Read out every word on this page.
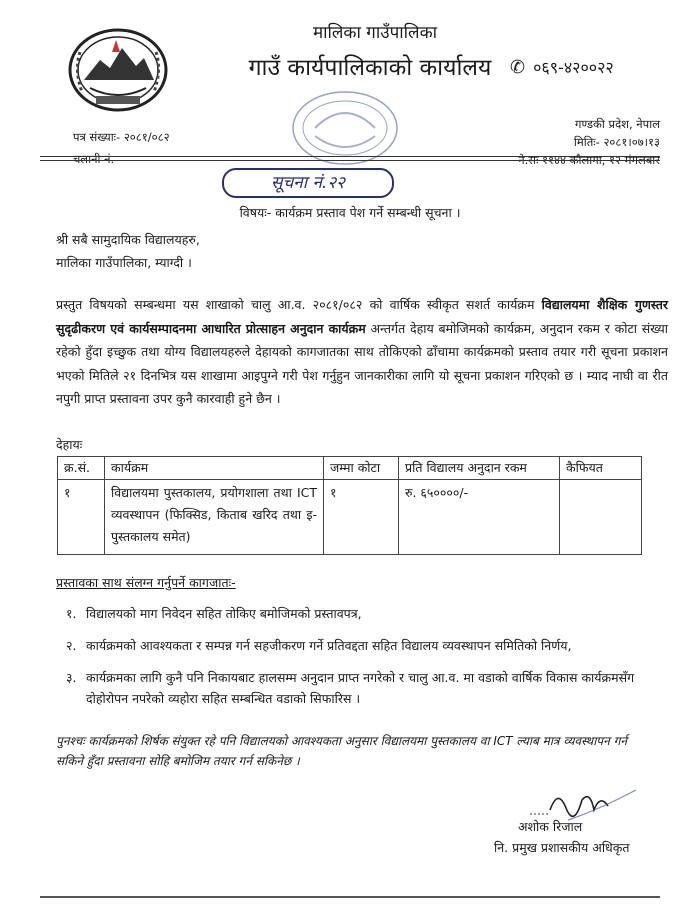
मालिका गाउँपालिका
गाउँ कार्यपालिकाको कार्यालय	✆ ०६९-४२००२२
पत्र संख्याः- २०८१/०८२
चलानी नं.
गण्डकी प्रदेश, नेपाल
मितिः- २०८१।०७।१३
ने.सः ११४४ कौलागा, १२ मंगलबार
सूचना नं.२२
विषयः- कार्यक्रम प्रस्ताव पेश गर्ने सम्बन्धी सूचना ।
श्री सबै सामुदायिक विद्यालयहरु,
मालिका गाउँपालिका, म्याग्दी ।
प्रस्तुत विषयको सम्बन्धमा यस शाखाको चालु आ.व. २०८१/०८२ को वार्षिक स्वीकृत सशर्त कार्यक्रम विद्यालयमा शैक्षिक गुणस्तर सुदृढीकरण एवं कार्यसम्पादनमा आधारित प्रोत्साहन अनुदान कार्यक्रम अन्तर्गत देहाय बमोजिमको कार्यक्रम, अनुदान रकम र कोटा संख्या रहेको हुँदा इच्छुक तथा योग्य विद्यालयहरुले देहायको कागजातका साथ तोकिएको ढाँचामा कार्यक्रमको प्रस्ताव तयार गरी सूचना प्रकाशन भएको मितिले २१ दिनभित्र यस शाखामा आइपुग्ने गरी पेश गर्नुहुन जानकारीका लागि यो सूचना प्रकाशन गरिएको छ । म्याद नाघी वा रीत नपुगी प्राप्त प्रस्तावना उपर कुनै कारवाही हुने छैन ।
देहायः
क्र.सं.	कार्यक्रम	जम्मा कोटा	प्रति विद्यालय अनुदान रकम	कैफियत
१	विद्यालयमा पुस्तकालय, प्रयोगशाला तथा ICT व्यवस्थापन (फिक्सिड, किताब खरिद तथा इ-पुस्तकालय समेत)	१	रु. ६५००००/-	
प्रस्तावका साथ संलग्न गर्नुपर्ने कागजातः-
१. विद्यालयको माग निवेदन सहित तोकिए बमोजिमको प्रस्तावपत्र,
२. कार्यक्रमको आवश्यकता र सम्पन्न गर्न सहजीकरण गर्ने प्रतिवद्दता सहित विद्यालय व्यवस्थापन समितिको निर्णय,
३. कार्यक्रमका लागि कुनै पनि निकायबाट हालसम्म अनुदान प्राप्त नगरेको र चालु आ.व. मा वडाको वार्षिक विकास कार्यक्रमसँग दोहोरोपन नपरेको व्यहोरा सहित सम्बन्धित वडाको सिफारिस ।
पुनश्चः कार्यक्रमको शिर्षक संयुक्त रहे पनि विद्यालयको आवश्यकता अनुसार विद्यालयमा पुस्तकालय वा ICT ल्याब मात्र व्यवस्थापन गर्न सकिने हुँदा प्रस्तावना सोहि बमोजिम तयार गर्न सकिनेछ ।
अशोक रिजाल
नि. प्रमुख प्रशासकीय अधिकृत
